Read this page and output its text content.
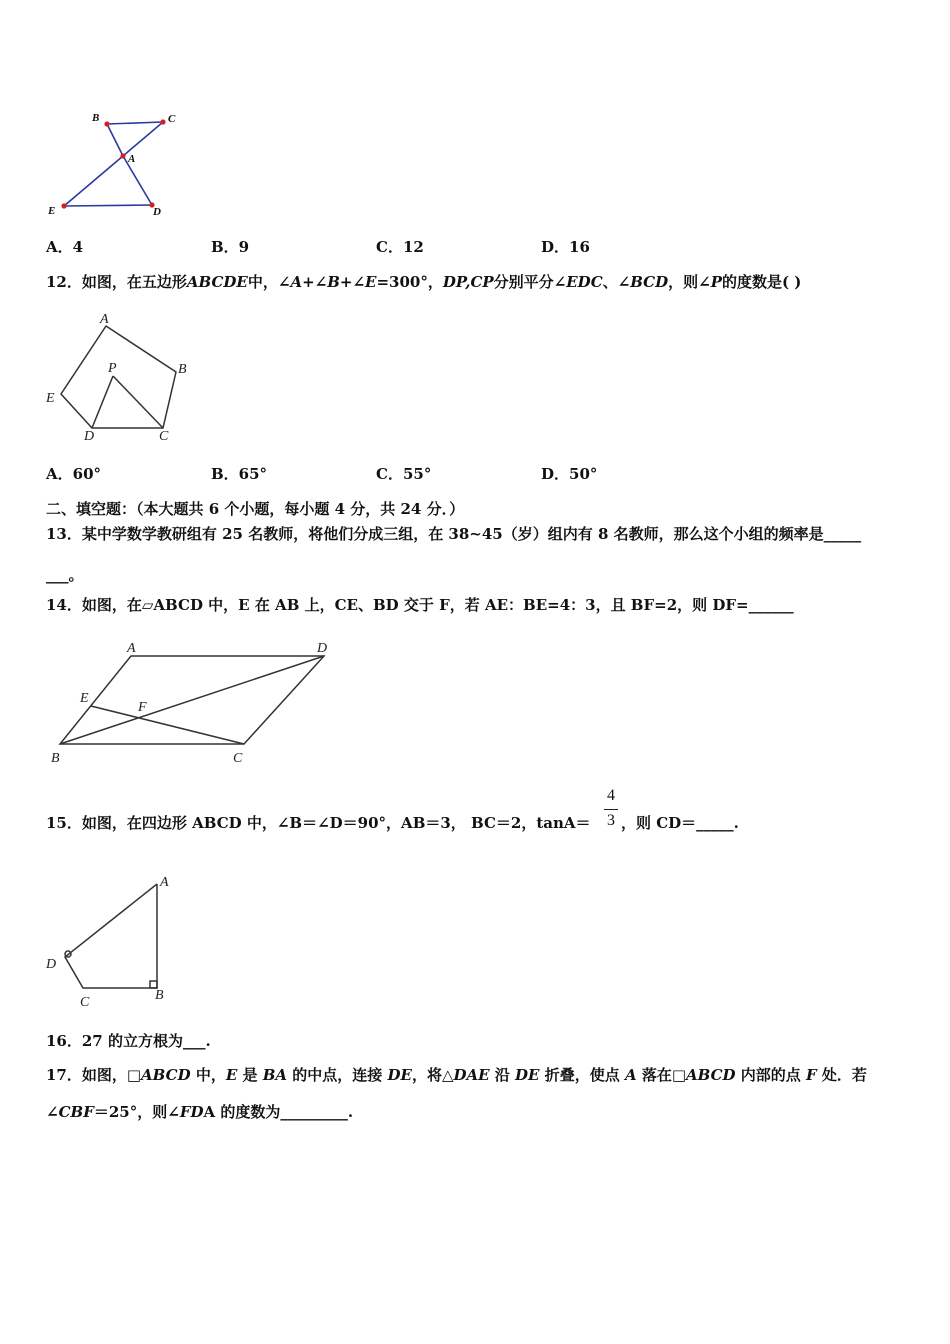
B	C
A
E	D
A．4	B．9	C．12	D．16
12．如图，在五边形ABCDE中，∠A+∠B+∠E=300°，DP,CP分别平分∠EDC、∠BCD，则∠P的度数是( )
A
B
E
P
D	C
A．60°	B．65°	C．55°	D．50°
二、填空题：（本大题共 6 个小题，每小题 4 分，共 24 分．）
13．某中学数学教研组有 25 名教师，将他们分成三组，在 38~45（岁）组内有 8 名教师，那么这个小组的频率是_____
___。
14．如图，在▱ABCD 中，E 在 AB 上，CE、BD 交于 F，若 AE：BE=4：3，且 BF=2，则 DF=______
A	D
E
F
B	C
15．如图，在四边形 ABCD 中，∠B＝∠D＝90°，AB＝3， BC＝2，tanA＝
4
3 ，则 CD＝_____.
A
D
C	B
16．27 的立方根为___.
17．如图，□ABCD 中，E 是 BA 的中点，连接 DE，将△DAE 沿 DE 折叠，使点 A 落在□ABCD 内部的点 F 处．若
∠CBF＝25°，则∠FDA 的度数为_________.
